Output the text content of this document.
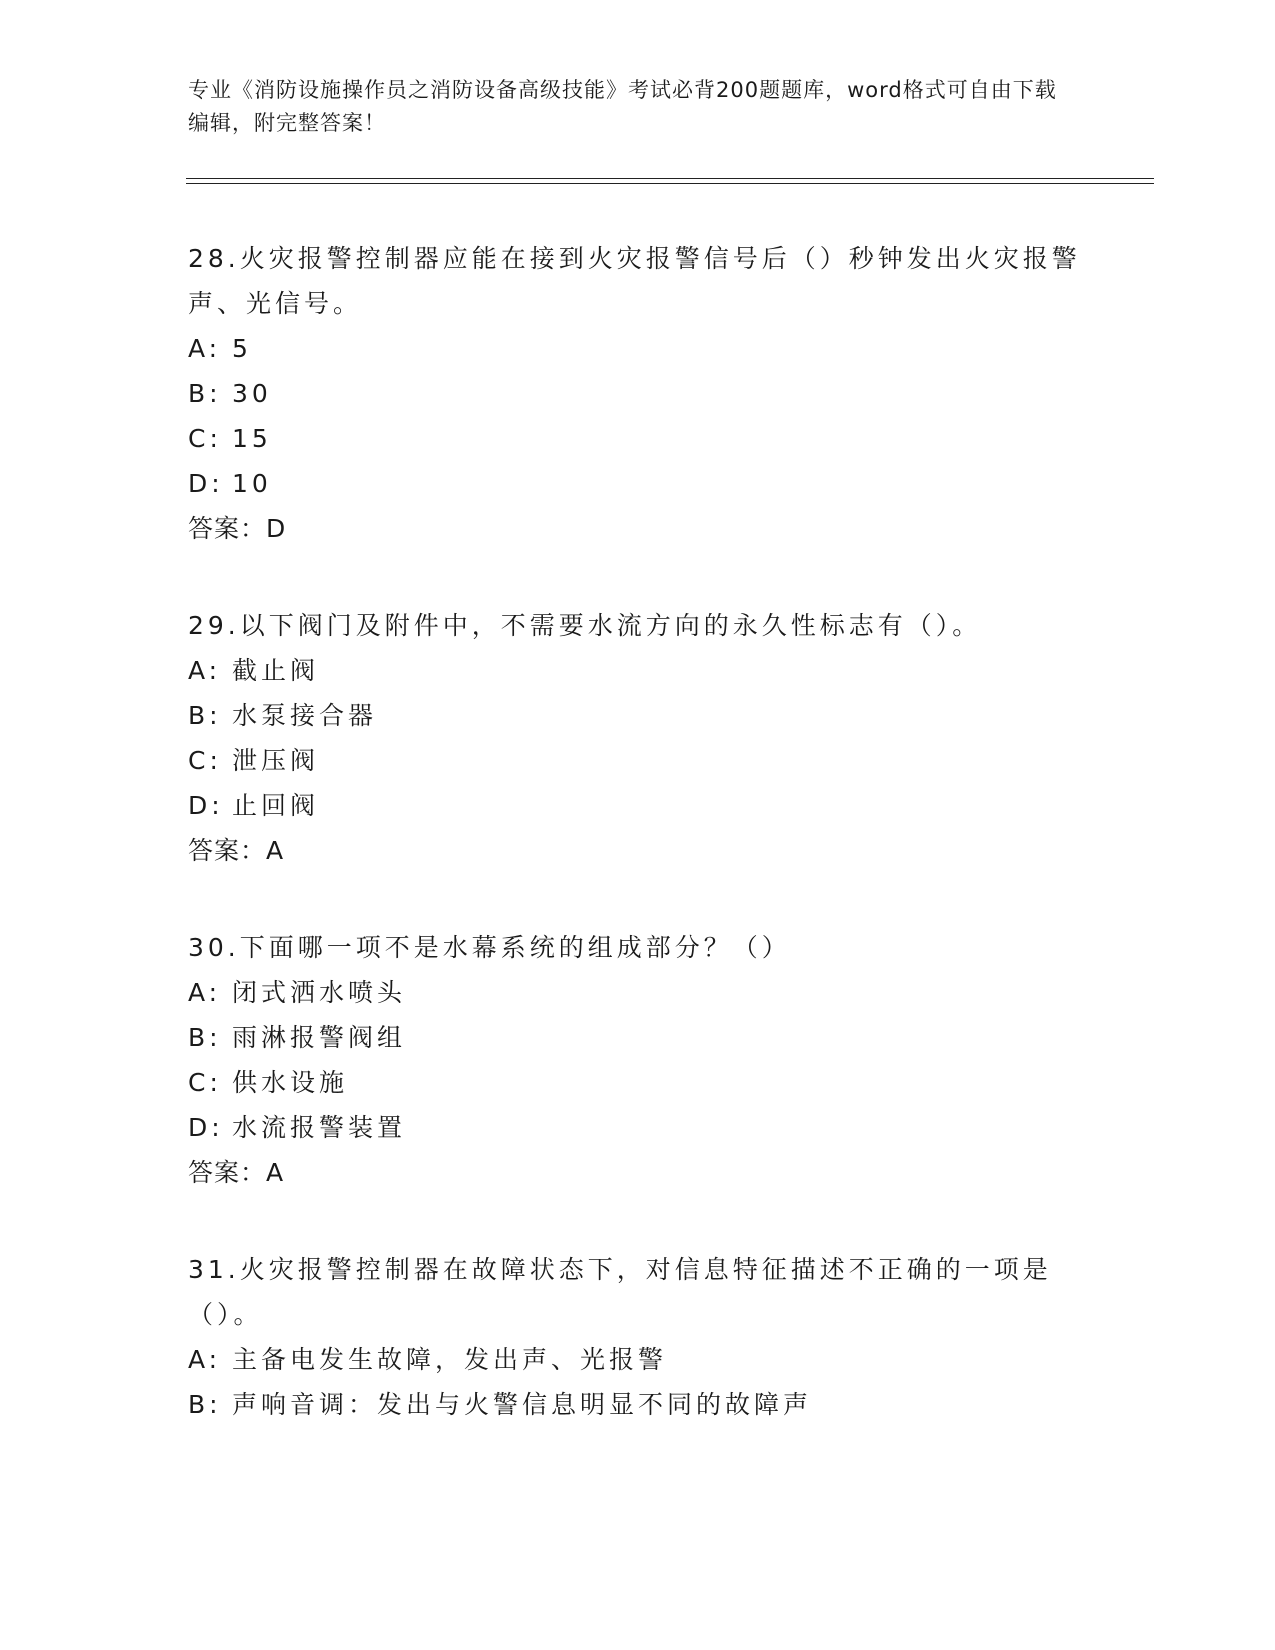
专业《消防设施操作员之消防设备高级技能》考试必背200题题库，word格式可自由下载编辑，附完整答案！
28.火灾报警控制器应能在接到火灾报警信号后（）秒钟发出火灾报警声、光信号。
A: 5
B: 30
C: 15
D: 10
答案：D
29.以下阀门及附件中，不需要水流方向的永久性标志有（）。
A: 截止阀
B: 水泵接合器
C: 泄压阀
D: 止回阀
答案：A
30.下面哪一项不是水幕系统的组成部分？（）
A: 闭式洒水喷头
B: 雨淋报警阀组
C: 供水设施
D: 水流报警装置
答案：A
31.火灾报警控制器在故障状态下，对信息特征描述不正确的一项是（）。
A: 主备电发生故障，发出声、光报警
B: 声响音调：发出与火警信息明显不同的故障声
